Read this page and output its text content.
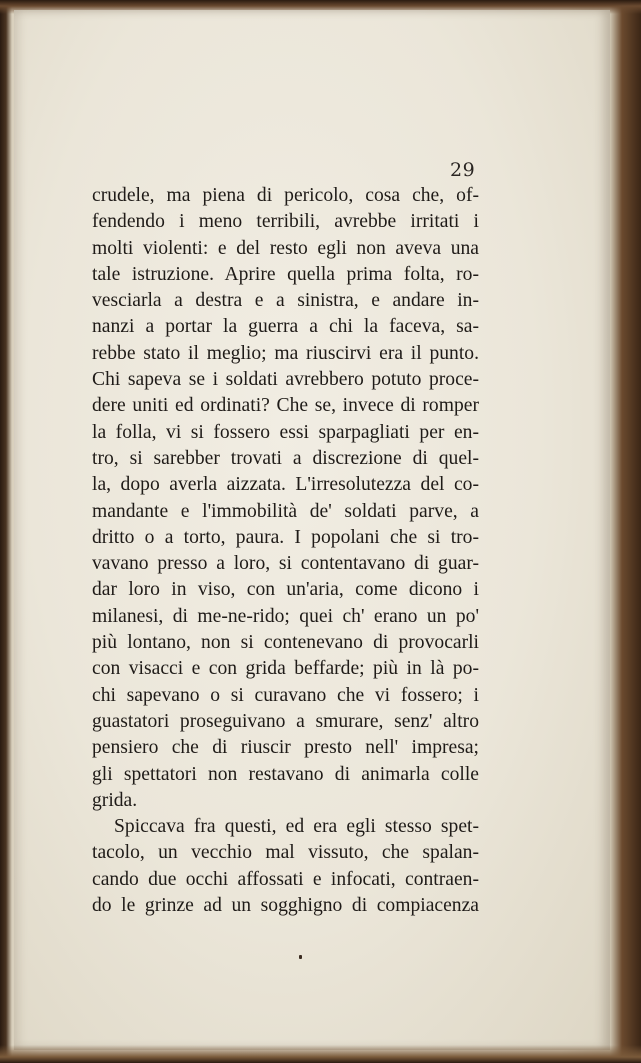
29
crudele, ma piena di pericolo, cosa che, of-
fendendo i meno terribili, avrebbe irritati i
molti violenti: e del resto egli non aveva una
tale istruzione. Aprire quella prima folta, ro-
vesciarla a destra e a sinistra, e andare in-
nanzi a portar la guerra a chi la faceva, sa-
rebbe stato il meglio; ma riuscirvi era il punto.
Chi sapeva se i soldati avrebbero potuto proce-
dere uniti ed ordinati? Che se, invece di romper
la folla, vi si fossero essi sparpagliati per en-
tro, si sarebber trovati a discrezione di quel-
la, dopo averla aizzata. L'irresolutezza del co-
mandante e l'immobilità de' soldati parve, a
dritto o a torto, paura. I popolani che si tro-
vavano presso a loro, si contentavano di guar-
dar loro in viso, con un'aria, come dicono i
milanesi, di me-ne-rido; quei ch' erano un po'
più lontano, non si contenevano di provocarli
con visacci e con grida beffarde; più in là po-
chi sapevano o si curavano che vi fossero; i
guastatori proseguivano a smurare, senz' altro
pensiero che di riuscir presto nell' impresa;
gli spettatori non restavano di animarla colle
grida.
Spiccava fra questi, ed era egli stesso spet-
tacolo, un vecchio mal vissuto, che spalan-
cando due occhi affossati e infocati, contraen-
do le grinze ad un sogghigno di compiacenza
